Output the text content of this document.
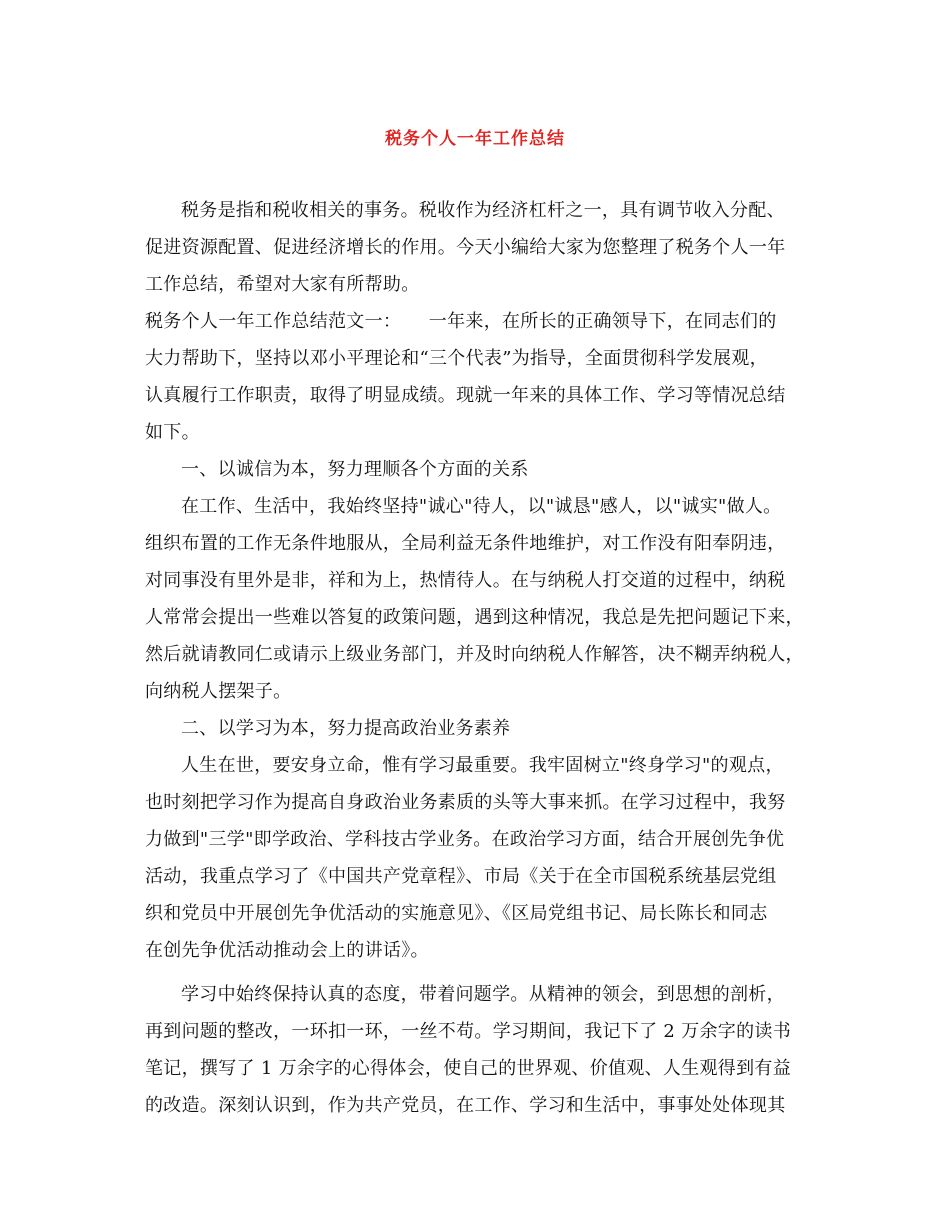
税务个人一年工作总结
税务是指和税收相关的事务。税收作为经济杠杆之一，具有调节收入分配、
促进资源配置、促进经济增长的作用。今天小编给大家为您整理了税务个人一年
工作总结，希望对大家有所帮助。
税务个人一年工作总结范文一：　　一年来，在所长的正确领导下，在同志们的
大力帮助下，坚持以邓小平理论和“三个代表”为指导，全面贯彻科学发展观，
认真履行工作职责，取得了明显成绩。现就一年来的具体工作、学习等情况总结
如下。
一、以诚信为本，努力理顺各个方面的关系
在工作、生活中，我始终坚持"诚心"待人，以"诚恳"感人，以"诚实"做人。
组织布置的工作无条件地服从，全局利益无条件地维护，对工作没有阳奉阴违，
对同事没有里外是非，祥和为上，热情待人。在与纳税人打交道的过程中，纳税
人常常会提出一些难以答复的政策问题，遇到这种情况，我总是先把问题记下来，
然后就请教同仁或请示上级业务部门，并及时向纳税人作解答，决不糊弄纳税人，
向纳税人摆架子。
二、以学习为本，努力提高政治业务素养
人生在世，要安身立命，惟有学习最重要。我牢固树立"终身学习"的观点，
也时刻把学习作为提高自身政治业务素质的头等大事来抓。在学习过程中，我努
力做到"三学"即学政治、学科技古学业务。在政治学习方面，结合开展创先争优
活动，我重点学习了《中国共产党章程》、市局《关于在全市国税系统基层党组
织和党员中开展创先争优活动的实施意见》、《区局党组书记、局长陈长和同志
在创先争优活动推动会上的讲话》。
学习中始终保持认真的态度，带着问题学。从精神的领会，到思想的剖析，
再到问题的整改，一环扣一环，一丝不苟。学习期间，我记下了 2 万余字的读书
笔记，撰写了 1 万余字的心得体会，使自己的世界观、价值观、人生观得到有益
的改造。深刻认识到，作为共产党员，在工作、学习和生活中，事事处处体现其
